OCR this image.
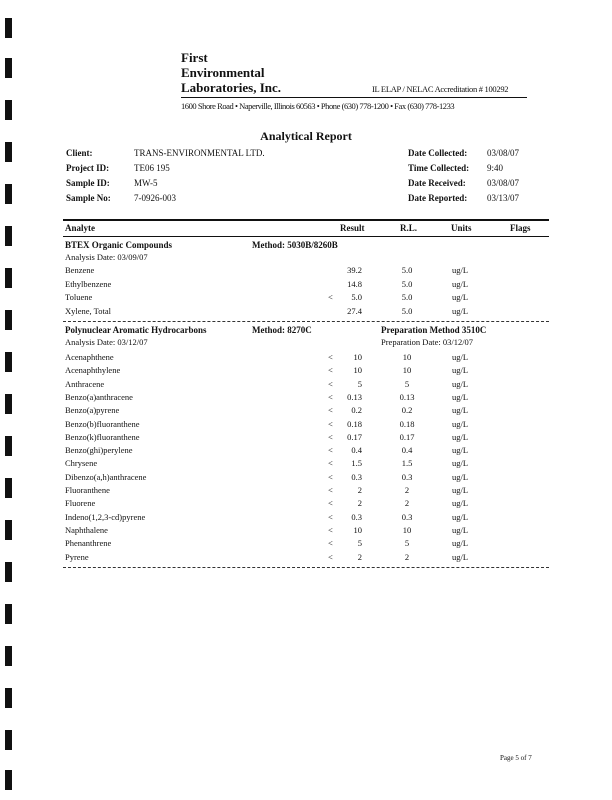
First
Environmental
Laboratories, Inc.	IL ELAP / NELAC Accreditation # 100292
1600 Shore Road • Naperville, Illinois 60563 • Phone (630) 778-1200 • Fax (630) 778-1233
Analytical Report
Client:	TRANS-ENVIRONMENTAL LTD.
Project ID:	TE06 195
Sample ID:	MW-5
Sample No:	7-0926-003
Date Collected: 03/08/07
Time Collected: 9:40
Date Received: 03/08/07
Date Reported: 03/13/07
Analyte	Result	R.L.	Units	Flags
BTEX Organic Compounds	Method: 5030B/8260B
Analysis Date: 03/09/07
Benzene	39.2	5.0	ug/L
Ethylbenzene	14.8	5.0	ug/L
Toluene	<	5.0	5.0	ug/L
Xylene, Total	27.4	5.0	ug/L
Polynuclear Aromatic Hydrocarbons	Method: 8270C	Preparation Method 3510C
Analysis Date: 03/12/07	Preparation Date: 03/12/07
Acenaphthene	<	10	10	ug/L
Acenaphthylene	<	10	10	ug/L
Anthracene	<	5	5	ug/L
Benzo(a)anthracene	<	0.13	0.13	ug/L
Benzo(a)pyrene	<	0.2	0.2	ug/L
Benzo(b)fluoranthene	<	0.18	0.18	ug/L
Benzo(k)fluoranthene	<	0.17	0.17	ug/L
Benzo(ghi)perylene	<	0.4	0.4	ug/L
Chrysene	<	1.5	1.5	ug/L
Dibenzo(a,h)anthracene	<	0.3	0.3	ug/L
Fluoranthene	<	2	2	ug/L
Fluorene	<	2	2	ug/L
Indeno(1,2,3-cd)pyrene	<	0.3	0.3	ug/L
Naphthalene	<	10	10	ug/L
Phenanthrene	<	5	5	ug/L
Pyrene	<	2	2	ug/L
Page 5 of 7
